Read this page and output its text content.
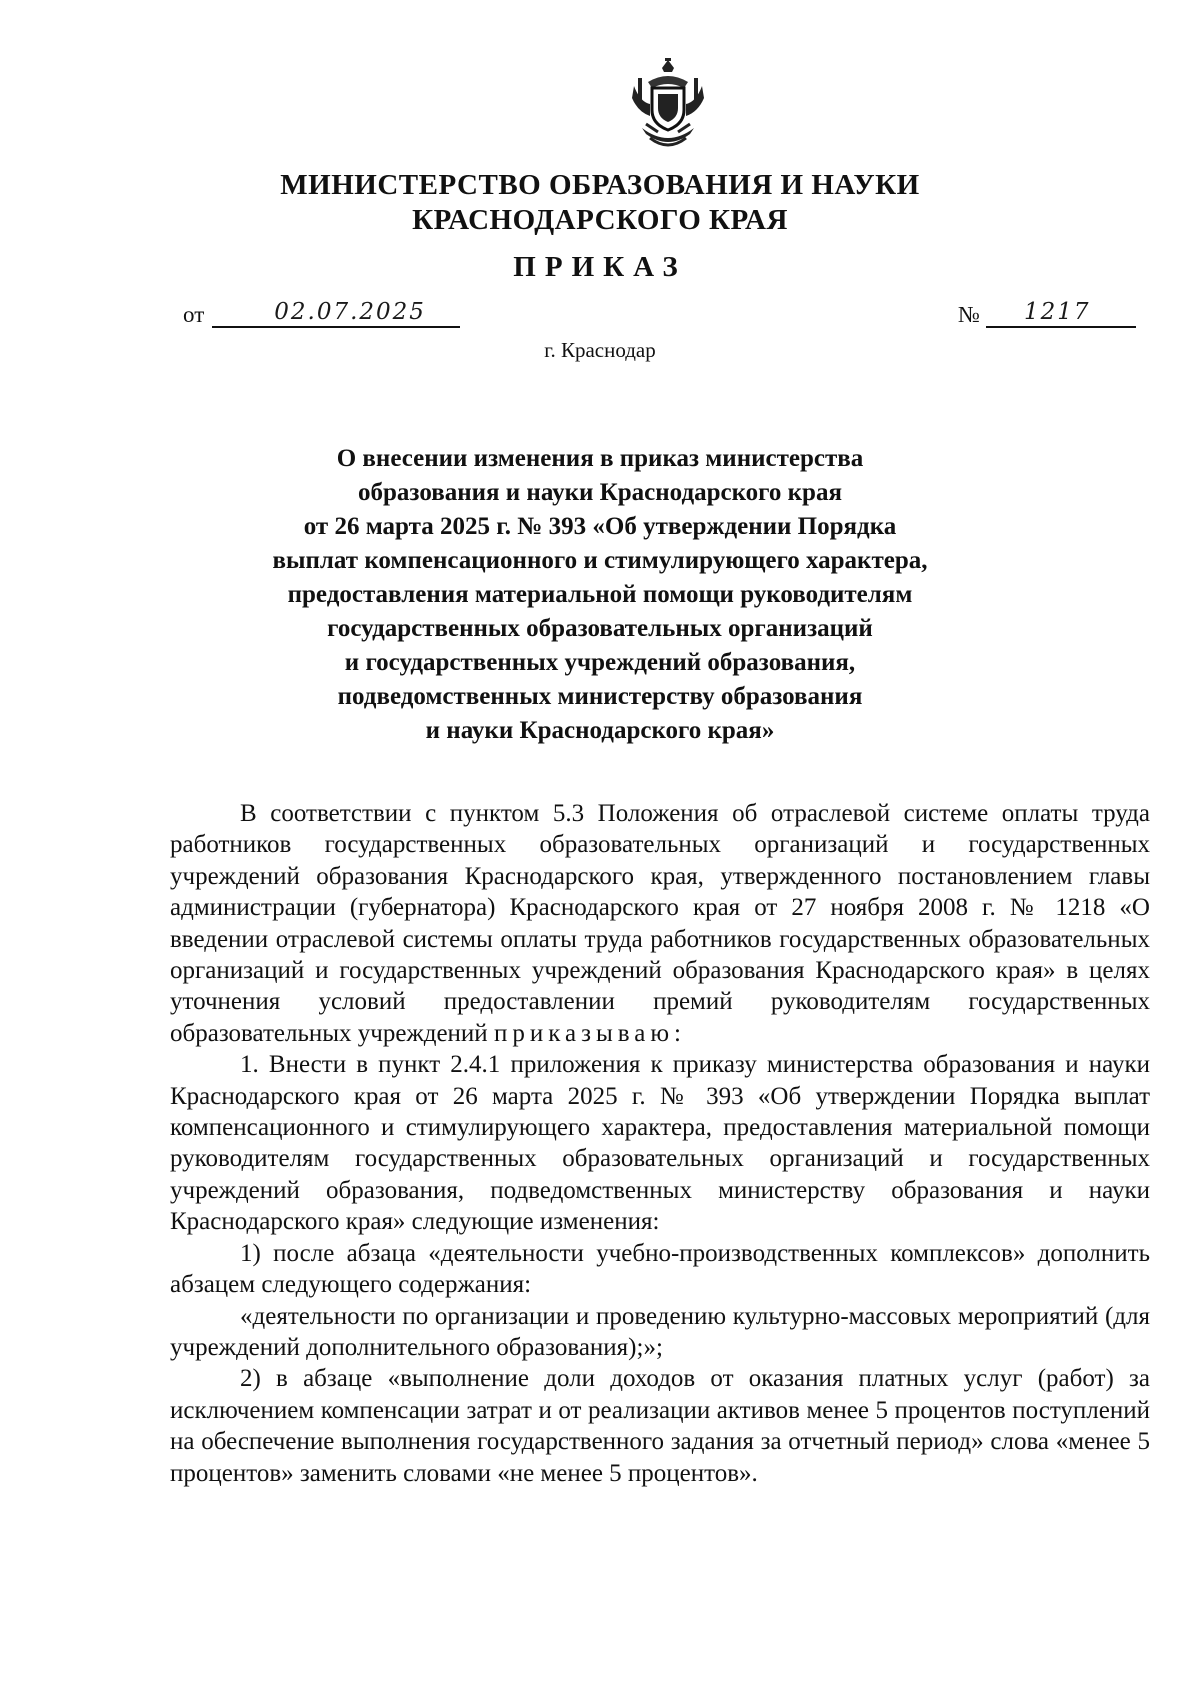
МИНИСТЕРСТВО ОБРАЗОВАНИЯ И НАУКИ
КРАСНОДАРСКОГО КРАЯ
ПРИКАЗ
от	02.07.2025	№ 1217
г. Краснодар
О внесении изменения в приказ министерства
образования и науки Краснодарского края
от 26 марта 2025 г. № 393 «Об утверждении Порядка
выплат компенсационного и стимулирующего характера,
предоставления материальной помощи руководителям
государственных образовательных организаций
и государственных учреждений образования,
подведомственных министерству образования
и науки Краснодарского края»

В соответствии с пунктом 5.3 Положения об отраслевой системе оплаты труда работников государственных образовательных организаций и государственных учреждений образования Краснодарского края, утвержденного постановлением главы администрации (губернатора) Краснодарского края от 27 ноября 2008 г. № 1218 «О введении отраслевой системы оплаты труда работников государственных образовательных организаций и государственных учреждений образования Краснодарского края» в целях уточнения условий предоставлении премий руководителям государственных образовательных учреждений приказываю:

1. Внести в пункт 2.4.1 приложения к приказу министерства образования и науки Краснодарского края от 26 марта 2025 г. № 393 «Об утверждении Порядка выплат компенсационного и стимулирующего характера, предоставления материальной помощи руководителям государственных образовательных организаций и государственных учреждений образования, подведомственных министерству образования и науки Краснодарского края» следующие изменения:

1) после абзаца «деятельности учебно-производственных комплексов» дополнить абзацем следующего содержания:

«деятельности по организации и проведению культурно-массовых мероприятий (для учреждений дополнительного образования);»;

2) в абзаце «выполнение доли доходов от оказания платных услуг (работ) за исключением компенсации затрат и от реализации активов менее 5 процентов поступлений на обеспечение выполнения государственного задания за отчетный период» слова «менее 5 процентов» заменить словами «не менее 5 процентов».
